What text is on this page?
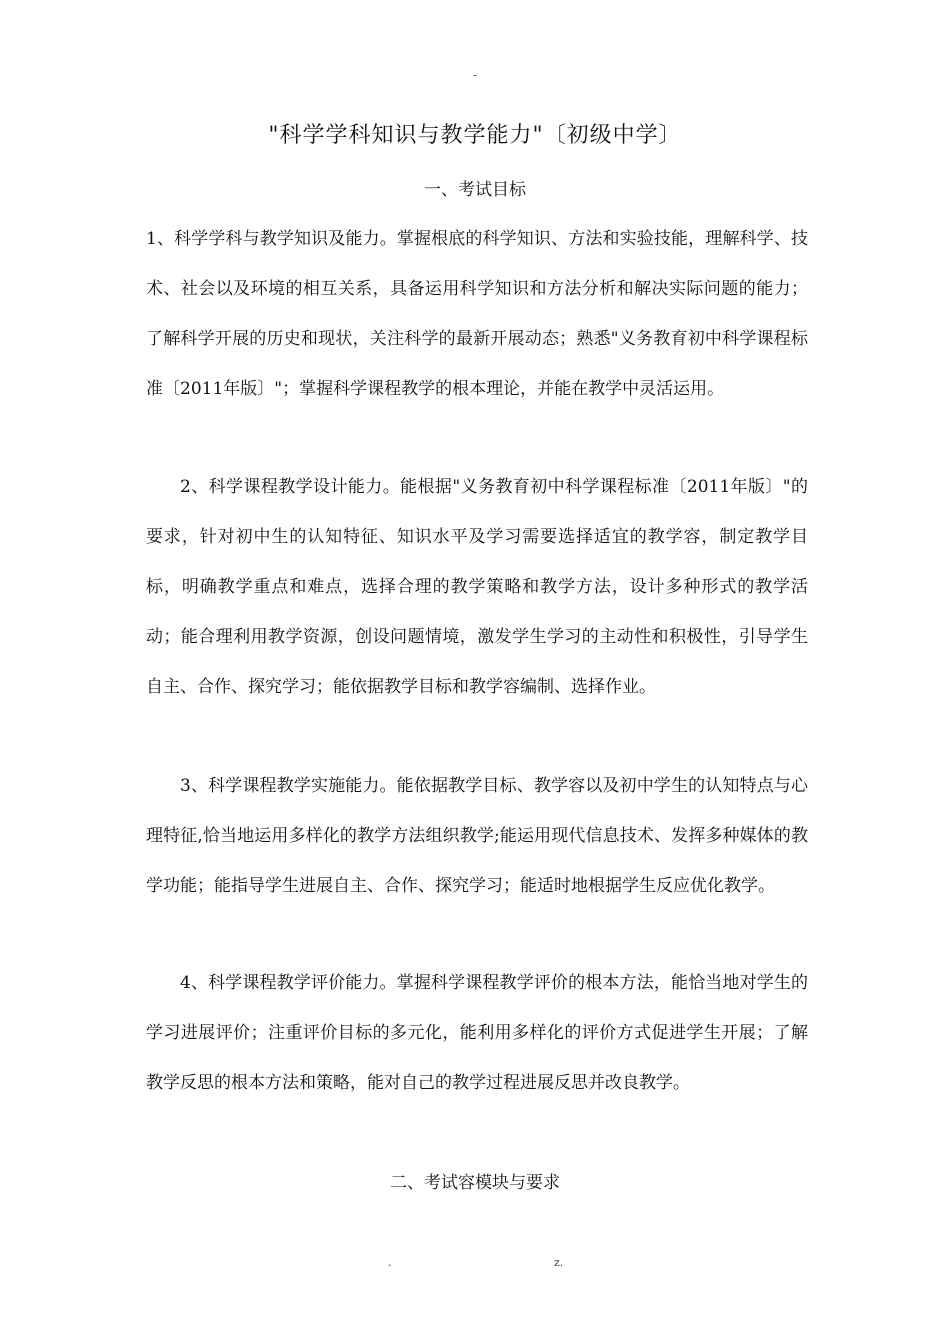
-
"科学学科知识与教学能力"〔初级中学〕
一、考试目标
1、科学学科与教学知识及能力。掌握根底的科学知识、方法和实验技能，理解科学、技术、社会以及环境的相互关系，具备运用科学知识和方法分析和解决实际问题的能力；了解科学开展的历史和现状，关注科学的最新开展动态；熟悉"义务教育初中科学课程标准〔2011年版〕"；掌握科学课程教学的根本理论，并能在教学中灵活运用。
2、科学课程教学设计能力。能根据"义务教育初中科学课程标准〔2011年版〕"的要求，针对初中生的认知特征、知识水平及学习需要选择适宜的教学容，制定教学目标，明确教学重点和难点，选择合理的教学策略和教学方法，设计多种形式的教学活动；能合理利用教学资源，创设问题情境，激发学生学习的主动性和积极性，引导学生自主、合作、探究学习；能依据教学目标和教学容编制、选择作业。
3、科学课程教学实施能力。能依据教学目标、教学容以及初中学生的认知特点与心理特征,恰当地运用多样化的教学方法组织教学;能运用现代信息技术、发挥多种媒体的教学功能；能指导学生进展自主、合作、探究学习；能适时地根据学生反应优化教学。
4、科学课程教学评价能力。掌握科学课程教学评价的根本方法，能恰当地对学生的学习进展评价；注重评价目标的多元化，能利用多样化的评价方式促进学生开展；了解教学反思的根本方法和策略，能对自己的教学过程进展反思并改良教学。
二、考试容模块与要求
.	z.
